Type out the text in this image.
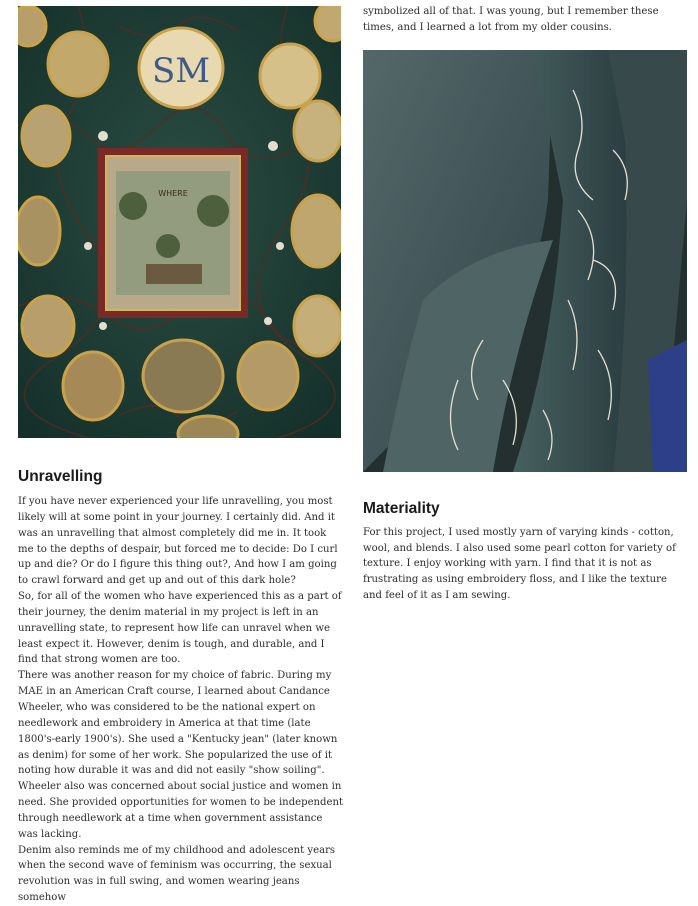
SM
WHERE
Unravelling

If you have never experienced your life unravelling, you most likely will at some point in your journey. I certainly did. And it was an unravelling that almost completely did me in. It took me to the depths of despair, but forced me to decide: Do I curl up and die? Or do I figure this thing out?, And how I am going to crawl forward and get up and out of this dark hole?

So, for all of the women who have experienced this as a part of their journey, the denim material in my project is left in an unravelling state, to represent how life can unravel when we least expect it. However, denim is tough, and durable, and I find that strong women are too.

There was another reason for my choice of fabric. During my MAE in an American Craft course, I learned about Candance Wheeler, who was considered to be the national expert on needlework and embroidery in America at that time (late 1800's-early 1900's). She used a "Kentucky jean" (later known as denim) for some of her work. She popularized the use of it noting how durable it was and did not easily "show soiling". Wheeler also was concerned about social justice and women in need. She provided opportunities for women to be independent through needlework at a time when government assistance was lacking.

Denim also reminds me of my childhood and adolescent years when the second wave of feminism was occurring, the sexual revolution was in full swing, and women wearing jeans somehow

symbolized all of that. I was young, but I remember these times, and I learned a lot from my older cousins.

Materiality

For this project, I used mostly yarn of varying kinds - cotton, wool, and blends. I also used some pearl cotton for variety of texture. I enjoy working with yarn. I find that it is not as frustrating as using embroidery floss, and I like the texture and feel of it as I am sewing.
